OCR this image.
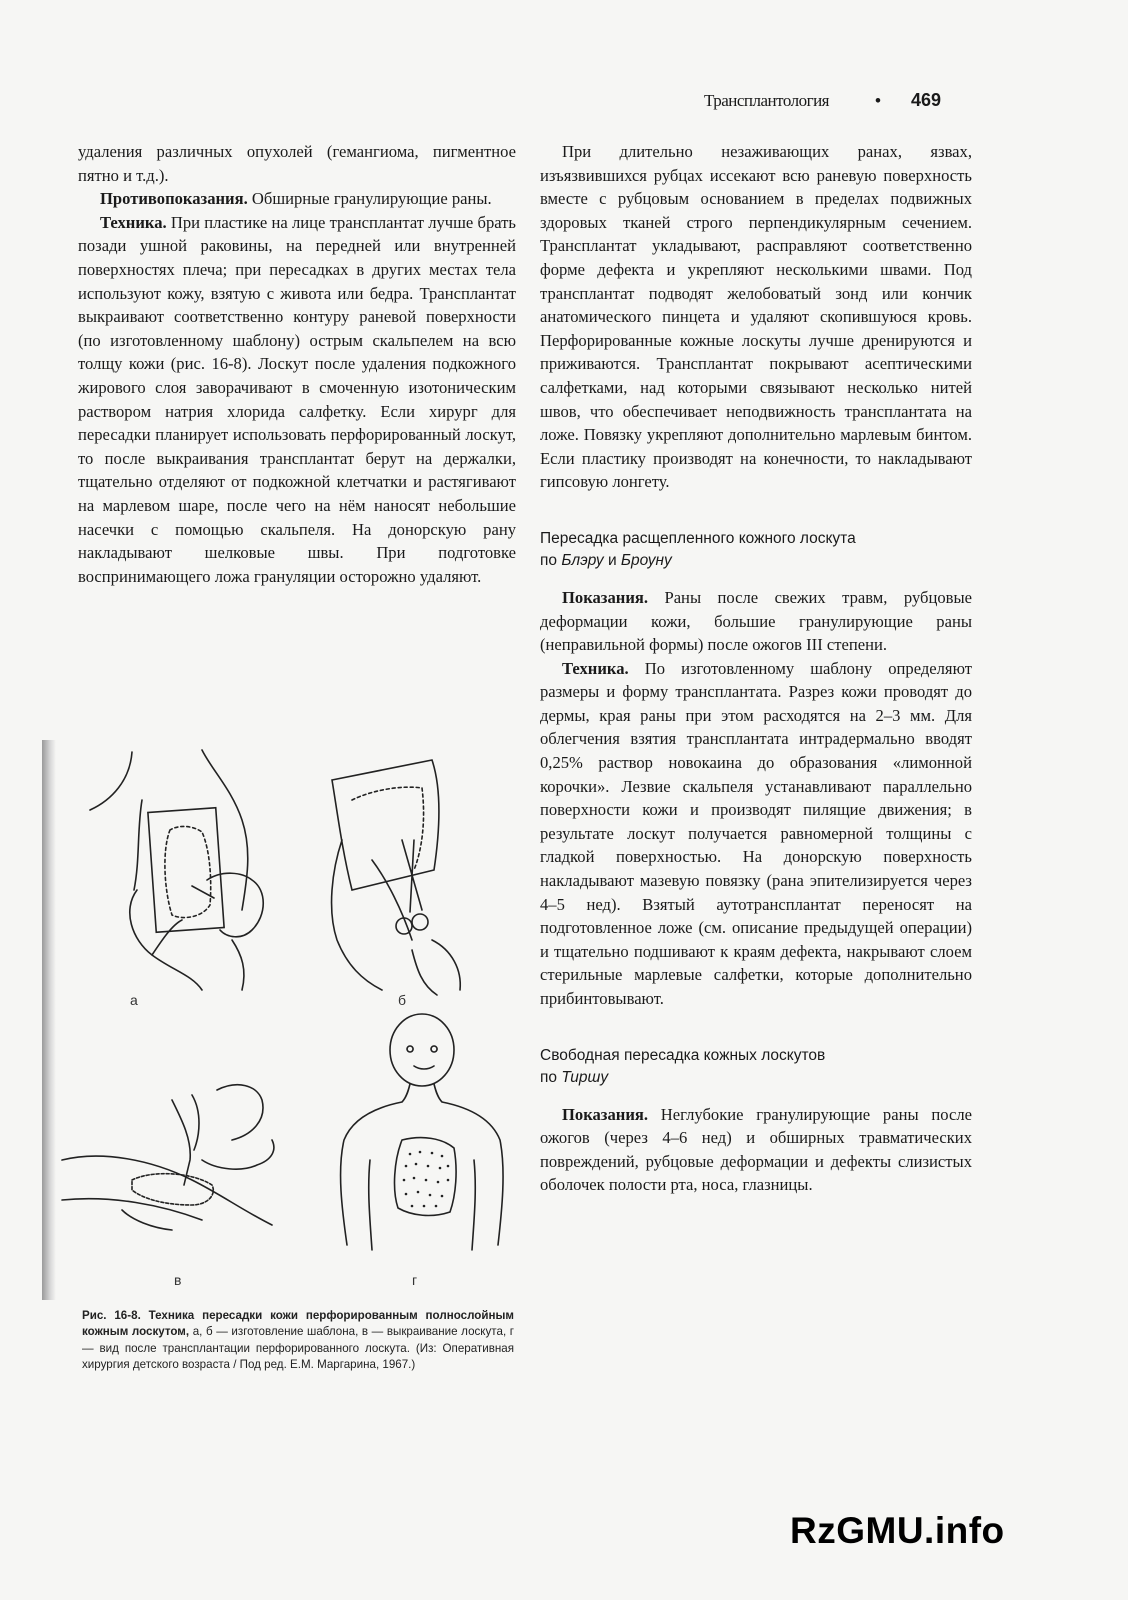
Трансплантология	• 469

удаления различных опухолей (гемангиома, пигментное пятно и т.д.).

Противопоказания. Обширные гранулирующие раны.

Техника. При пластике на лице трансплантат лучше брать позади ушной раковины, на передней или внутренней поверхностях плеча; при пересадках в других местах тела используют кожу, взятую с живота или бедра. Трансплантат выкраивают соответственно контуру раневой поверхности (по изготовленному шаблону) острым скальпелем на всю толщу кожи (рис. 16-8). Лоскут после удаления подкожного жирового слоя заворачивают в смоченную изотоническим раствором натрия хлорида салфетку. Если хирург для пересадки планирует использовать перфорированный лоскут, то после выкраивания трансплантат берут на держалки, тщательно отделяют от подкожной клетчатки и растягивают на марлевом шаре, после чего на нём наносят небольшие насечки с помощью скальпеля. На донорскую рану накладывают шелковые швы. При подготовке воспринимающего ложа грануляции осторожно удаляют.

При длительно незаживающих ранах, язвах, изъязвившихся рубцах иссекают всю раневую поверхность вместе с рубцовым основанием в пределах подвижных здоровых тканей строго перпендикулярным сечением. Трансплантат укладывают, расправляют соответственно форме дефекта и укрепляют несколькими швами. Под трансплантат подводят желобоватый зонд или кончик анатомического пинцета и удаляют скопившуюся кровь. Перфорированные кожные лоскуты лучше дренируются и приживаются. Трансплантат покрывают асептическими салфетками, над которыми связывают несколько нитей швов, что обеспечивает неподвижность трансплантата на ложе. Повязку укрепляют дополнительно марлевым бинтом. Если пластику производят на конечности, то накладывают гипсовую лонгету.

Пересадка расщепленного кожного лоскута
по Блэру и Броуну

Показания. Раны после свежих травм, рубцовые деформации кожи, большие гранулирующие раны (неправильной формы) после ожогов III степени.

Техника. По изготовленному шаблону определяют размеры и форму трансплантата. Разрез кожи проводят до дермы, края раны при этом расходятся на 2–3 мм. Для облегчения взятия трансплантата интрадермально вводят 0,25% раствор новокаина до образования «лимонной корочки». Лезвие скальпеля устанавливают параллельно поверхности кожи и производят пилящие движения; в результате лоскут получается равномерной толщины с гладкой поверхностью. На донорскую поверхность накладывают мазевую повязку (рана эпителизируется через 4–5 нед). Взятый аутотрансплантат переносят на подготовленное ложе (см. описание предыдущей операции) и тщательно подшивают к краям дефекта, накрывают слоем стерильные марлевые салфетки, которые дополнительно прибинтовывают.

Свободная пересадка кожных лоскутов
по Тиршу

Показания. Неглубокие гранулирующие раны после ожогов (через 4–6 нед) и обширных травматических повреждений, рубцовые деформации и дефекты слизистых оболочек полости рта, носа, глазницы.

а	б
в	г
Рис. 16-8. Техника пересадки кожи перфорированным полнослойным кожным лоскутом, а, б — изготовление шаблона, в — выкраивание лоскута, г — вид после трансплантации перфорированного лоскута. (Из: Оперативная хирургия детского возраста / Под ред. Е.М. Маргарина, 1967.)
RzGMU.info
